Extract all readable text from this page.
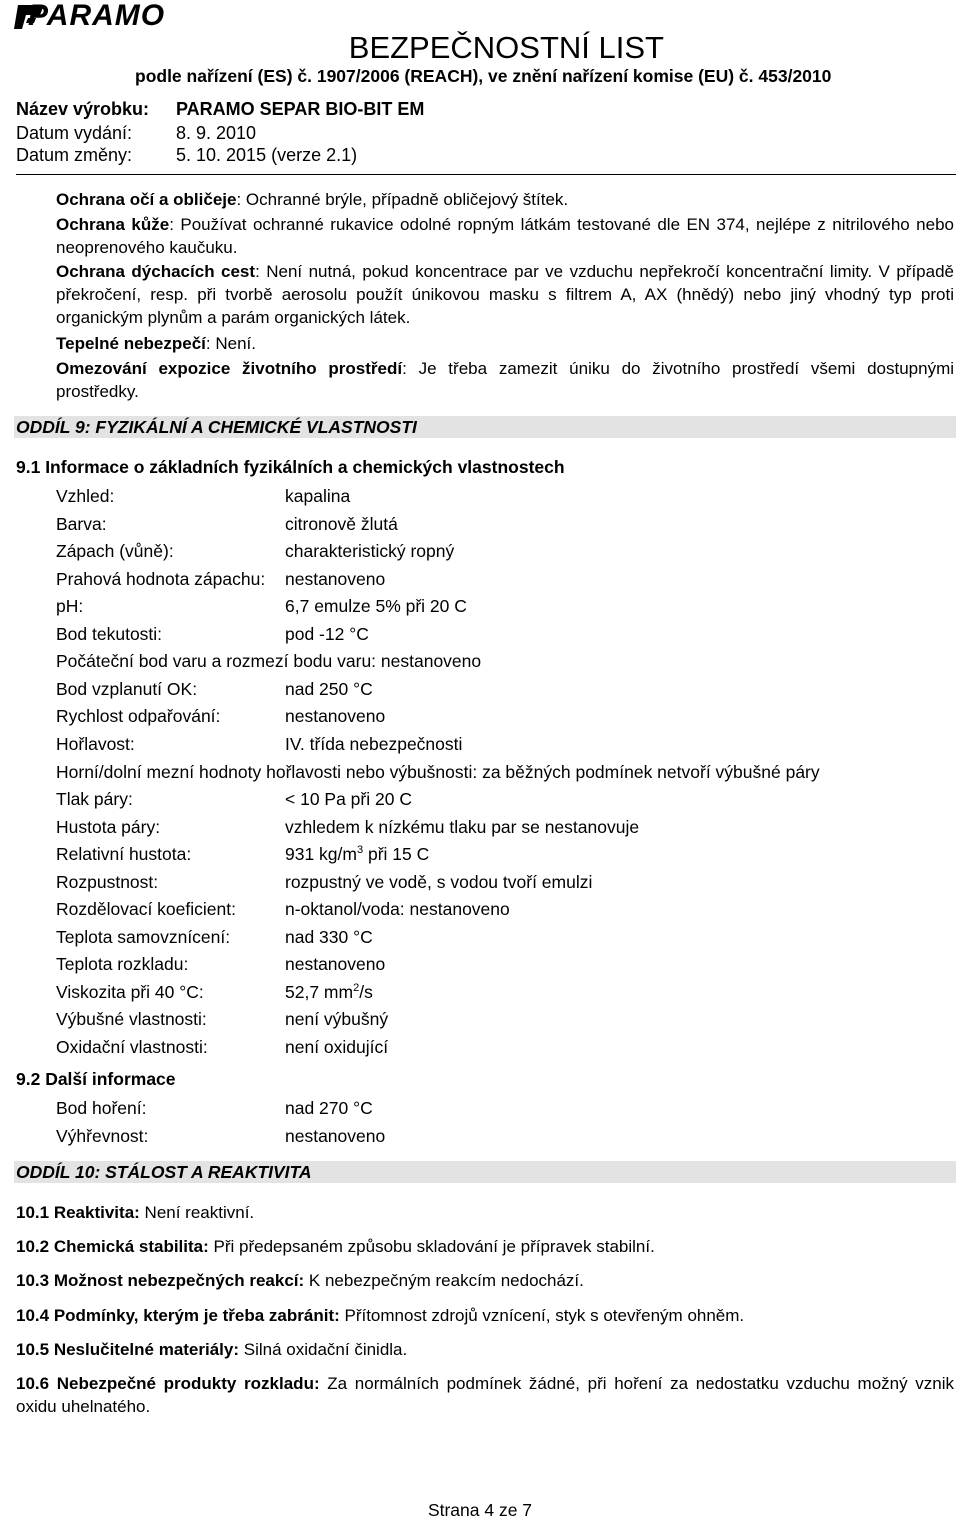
PARAMO
BEZPEČNOSTNÍ LIST
podle nařízení (ES) č. 1907/2006 (REACH), ve znění nařízení komise (EU) č. 453/2010
Název výrobku: PARAMO SEPAR BIO-BIT EM
Datum vydání: 8. 9. 2010
Datum změny: 5. 10. 2015 (verze 2.1)
Ochrana očí a obličeje: Ochranné brýle, případně obličejový štítek.
Ochrana kůže: Používat ochranné rukavice odolné ropným látkám testované dle EN 374, nejlépe z nitrilového nebo neoprenového kaučuku.
Ochrana dýchacích cest: Není nutná, pokud koncentrace par ve vzduchu nepřekročí koncentrační limity. V případě překročení, resp. při tvorbě aerosolu použít únikovou masku s filtrem A, AX (hnědý) nebo jiný vhodný typ proti organickým plynům a parám organických látek.
Tepelné nebezpečí: Není.
Omezování expozice životního prostředí: Je třeba zamezit úniku do životního prostředí všemi dostupnými prostředky.
ODDÍL 9: FYZIKÁLNÍ A CHEMICKÉ VLASTNOSTI
9.1 Informace o základních fyzikálních a chemických vlastnostech
Vzhled:	kapalina
Barva:	citronově žlutá
Zápach (vůně):	charakteristický ropný
Prahová hodnota zápachu: nestanoveno
pH:	6,7 emulze 5% při 20 C
Bod tekutosti:	pod -12 °C
Počáteční bod varu a rozmezí bodu varu: nestanoveno
Bod vzplanutí OK:	nad 250 °C
Rychlost odpařování:	nestanoveno
Hořlavost:	IV. třída nebezpečnosti
Horní/dolní mezní hodnoty hořlavosti nebo výbušnosti: za běžných podmínek netvoří výbušné páry
Tlak páry:	< 10 Pa při 20 C
Hustota páry:	vzhledem k nízkému tlaku par se nestanovuje
Relativní hustota:	931 $kg/m^3$ při 15 C
Rozpustnost:	rozpustný ve vodě, s vodou tvoří emulzi
Rozdělovací koeficient:	n-oktanol/voda: nestanoveno
Teplota samovznícení:	nad 330 °C
Teplota rozkladu:	nestanoveno
Viskozita při 40 °C:	52,7 $mm^2/s$
Výbušné vlastnosti:	není výbušný
Oxidační vlastnosti:	není oxidující
9.2 Další informace
Bod hoření:	nad 270 °C
Výhřevnost:	nestanoveno
ODDÍL 10: STÁLOST A REAKTIVITA
10.1 Reaktivita: Není reaktivní.
10.2 Chemická stabilita: Při předepsaném způsobu skladování je přípravek stabilní.
10.3 Možnost nebezpečných reakcí: K nebezpečným reakcím nedochází.
10.4 Podmínky, kterým je třeba zabránit: Přítomnost zdrojů vznícení, styk s otevřeným ohněm.
10.5 Neslučitelné materiály: Silná oxidační činidla.
10.6 Nebezpečné produkty rozkladu: Za normálních podmínek žádné, při hoření za nedostatku vzduchu možný vznik oxidu uhelnatého.
Strana 4 ze 7
